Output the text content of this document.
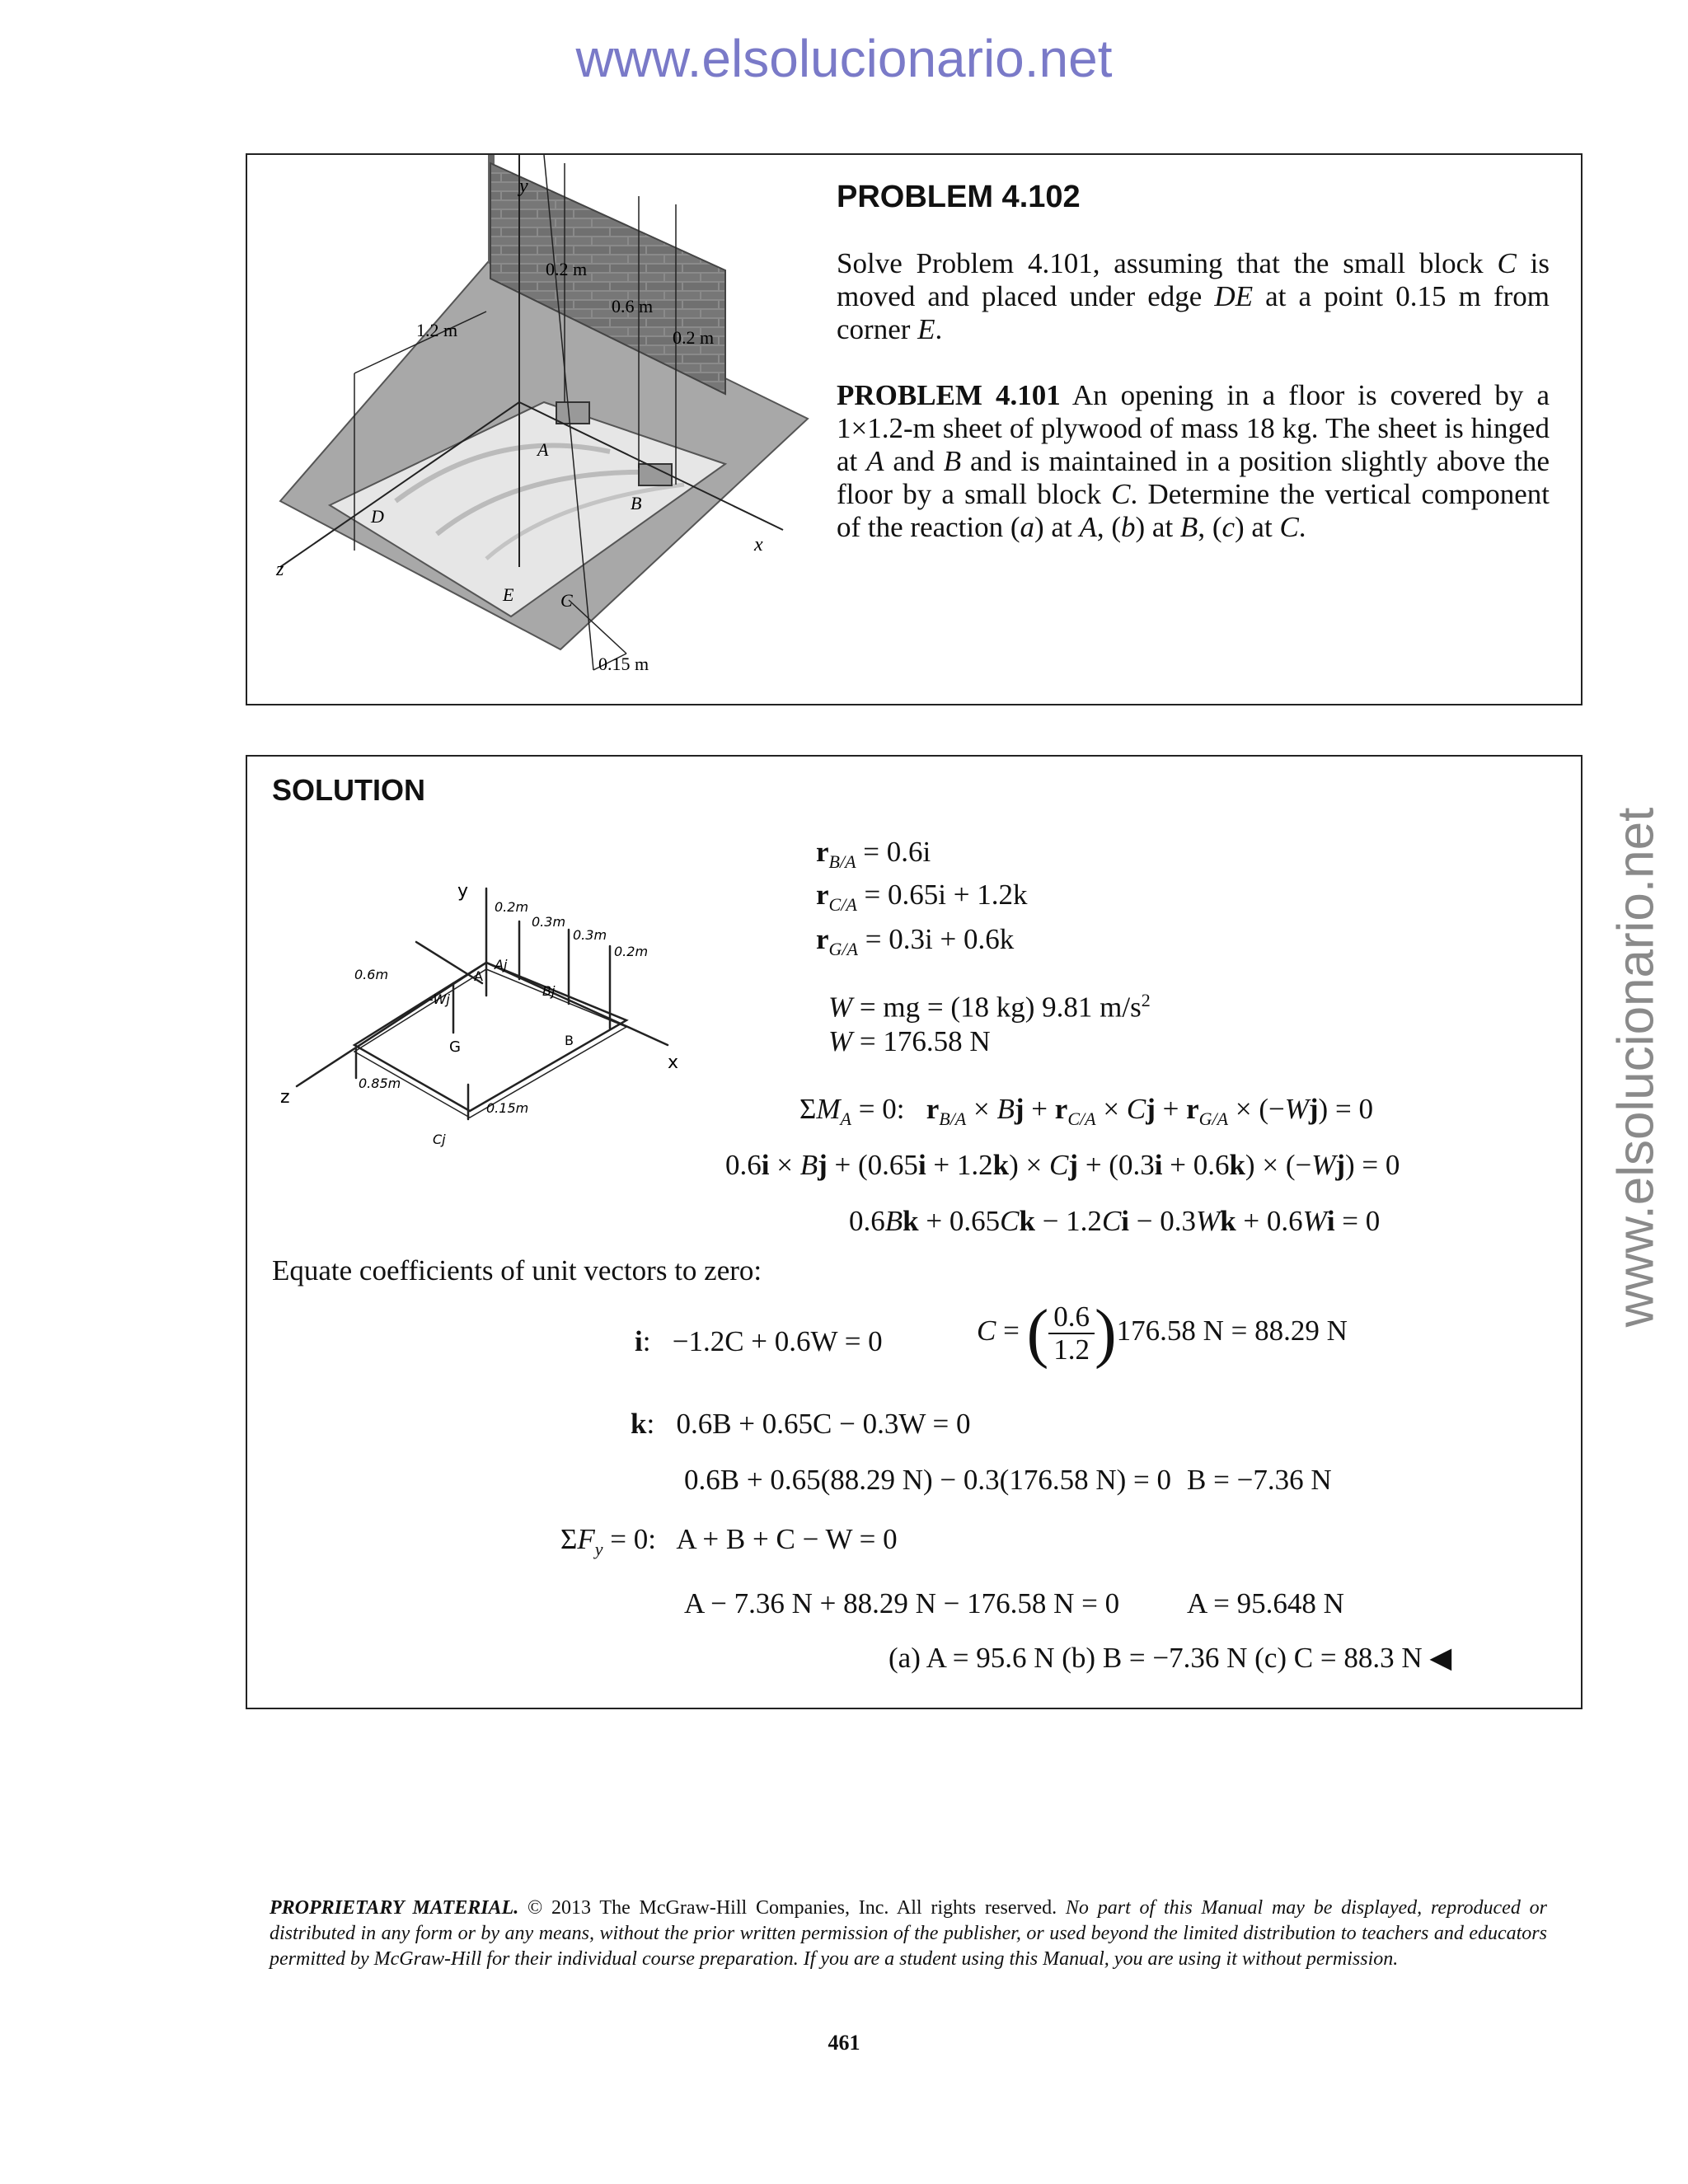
www.elsolucionario.net
www.elsolucionario.net
y
x
z
0.2 m
0.6 m
0.2 m
1.2 m
0.15 m
A
B
C
D
E
PROBLEM 4.102
Solve Problem 4.101, assuming that the small block C is moved and placed under edge DE at a point 0.15 m from corner E.
PROBLEM 4.101 An opening in a floor is covered by a 1×1.2-m sheet of plywood of mass 18 kg. The sheet is hinged at A and B and is maintained in a position slightly above the floor by a small block C. Determine the vertical component of the reaction (a) at A, (b) at B, (c) at C.
SOLUTION
y
x
z
0.2m
0.3m
0.3m
0.2m
0.6m
0.85m
0.15m
A
B
G
Aj
Bj
-Wj
Cj
$r_{B/A} = 0.6i$
$r_{C/A} = 0.65i + 1.2k$
$r_{G/A} = 0.3i + 0.6k$
W = mg = (18 kg) 9.81 $m/s^2$
W = 176.58 N
$\Sigma M_A = 0$:   $r_{B/A} \times Bj + r_{C/A} \times Cj + r_{G/A} \times (-Wj) = 0$
0.6i × Bj + (0.65i + 1.2k) × Cj + (0.3i + 0.6k) × (−Wj) = 0
0.6Bk + 0.65Ck − 1.2Ci − 0.3Wk + 0.6Wi = 0
Equate coefficients of unit vectors to zero:
i:   −1.2C + 0.6W = 0	C = ( $\frac{0.6}{1.2} )176.58$ N = 88.29 N
k:   0.6B + 0.65C − 0.3W = 0
0.6B + 0.65(88.29 N) − 0.3(176.58 N) = 0 B = −7.36 N
$\Sigma F_y = 0$:   A + B + C − W = 0
A − 7.36 N + 88.29 N − 176.58 N = 0 A = 95.648 N
(a) A = 95.6 N (b) B = −7.36 N (c) C = 88.3 N ◀
PROPRIETARY MATERIAL. © 2013 The McGraw-Hill Companies, Inc. All rights reserved. No part of this Manual may be displayed, reproduced or distributed in any form or by any means, without the prior written permission of the publisher, or used beyond the limited distribution to teachers and educators permitted by McGraw-Hill for their individual course preparation. If you are a student using this Manual, you are using it without permission.
461
